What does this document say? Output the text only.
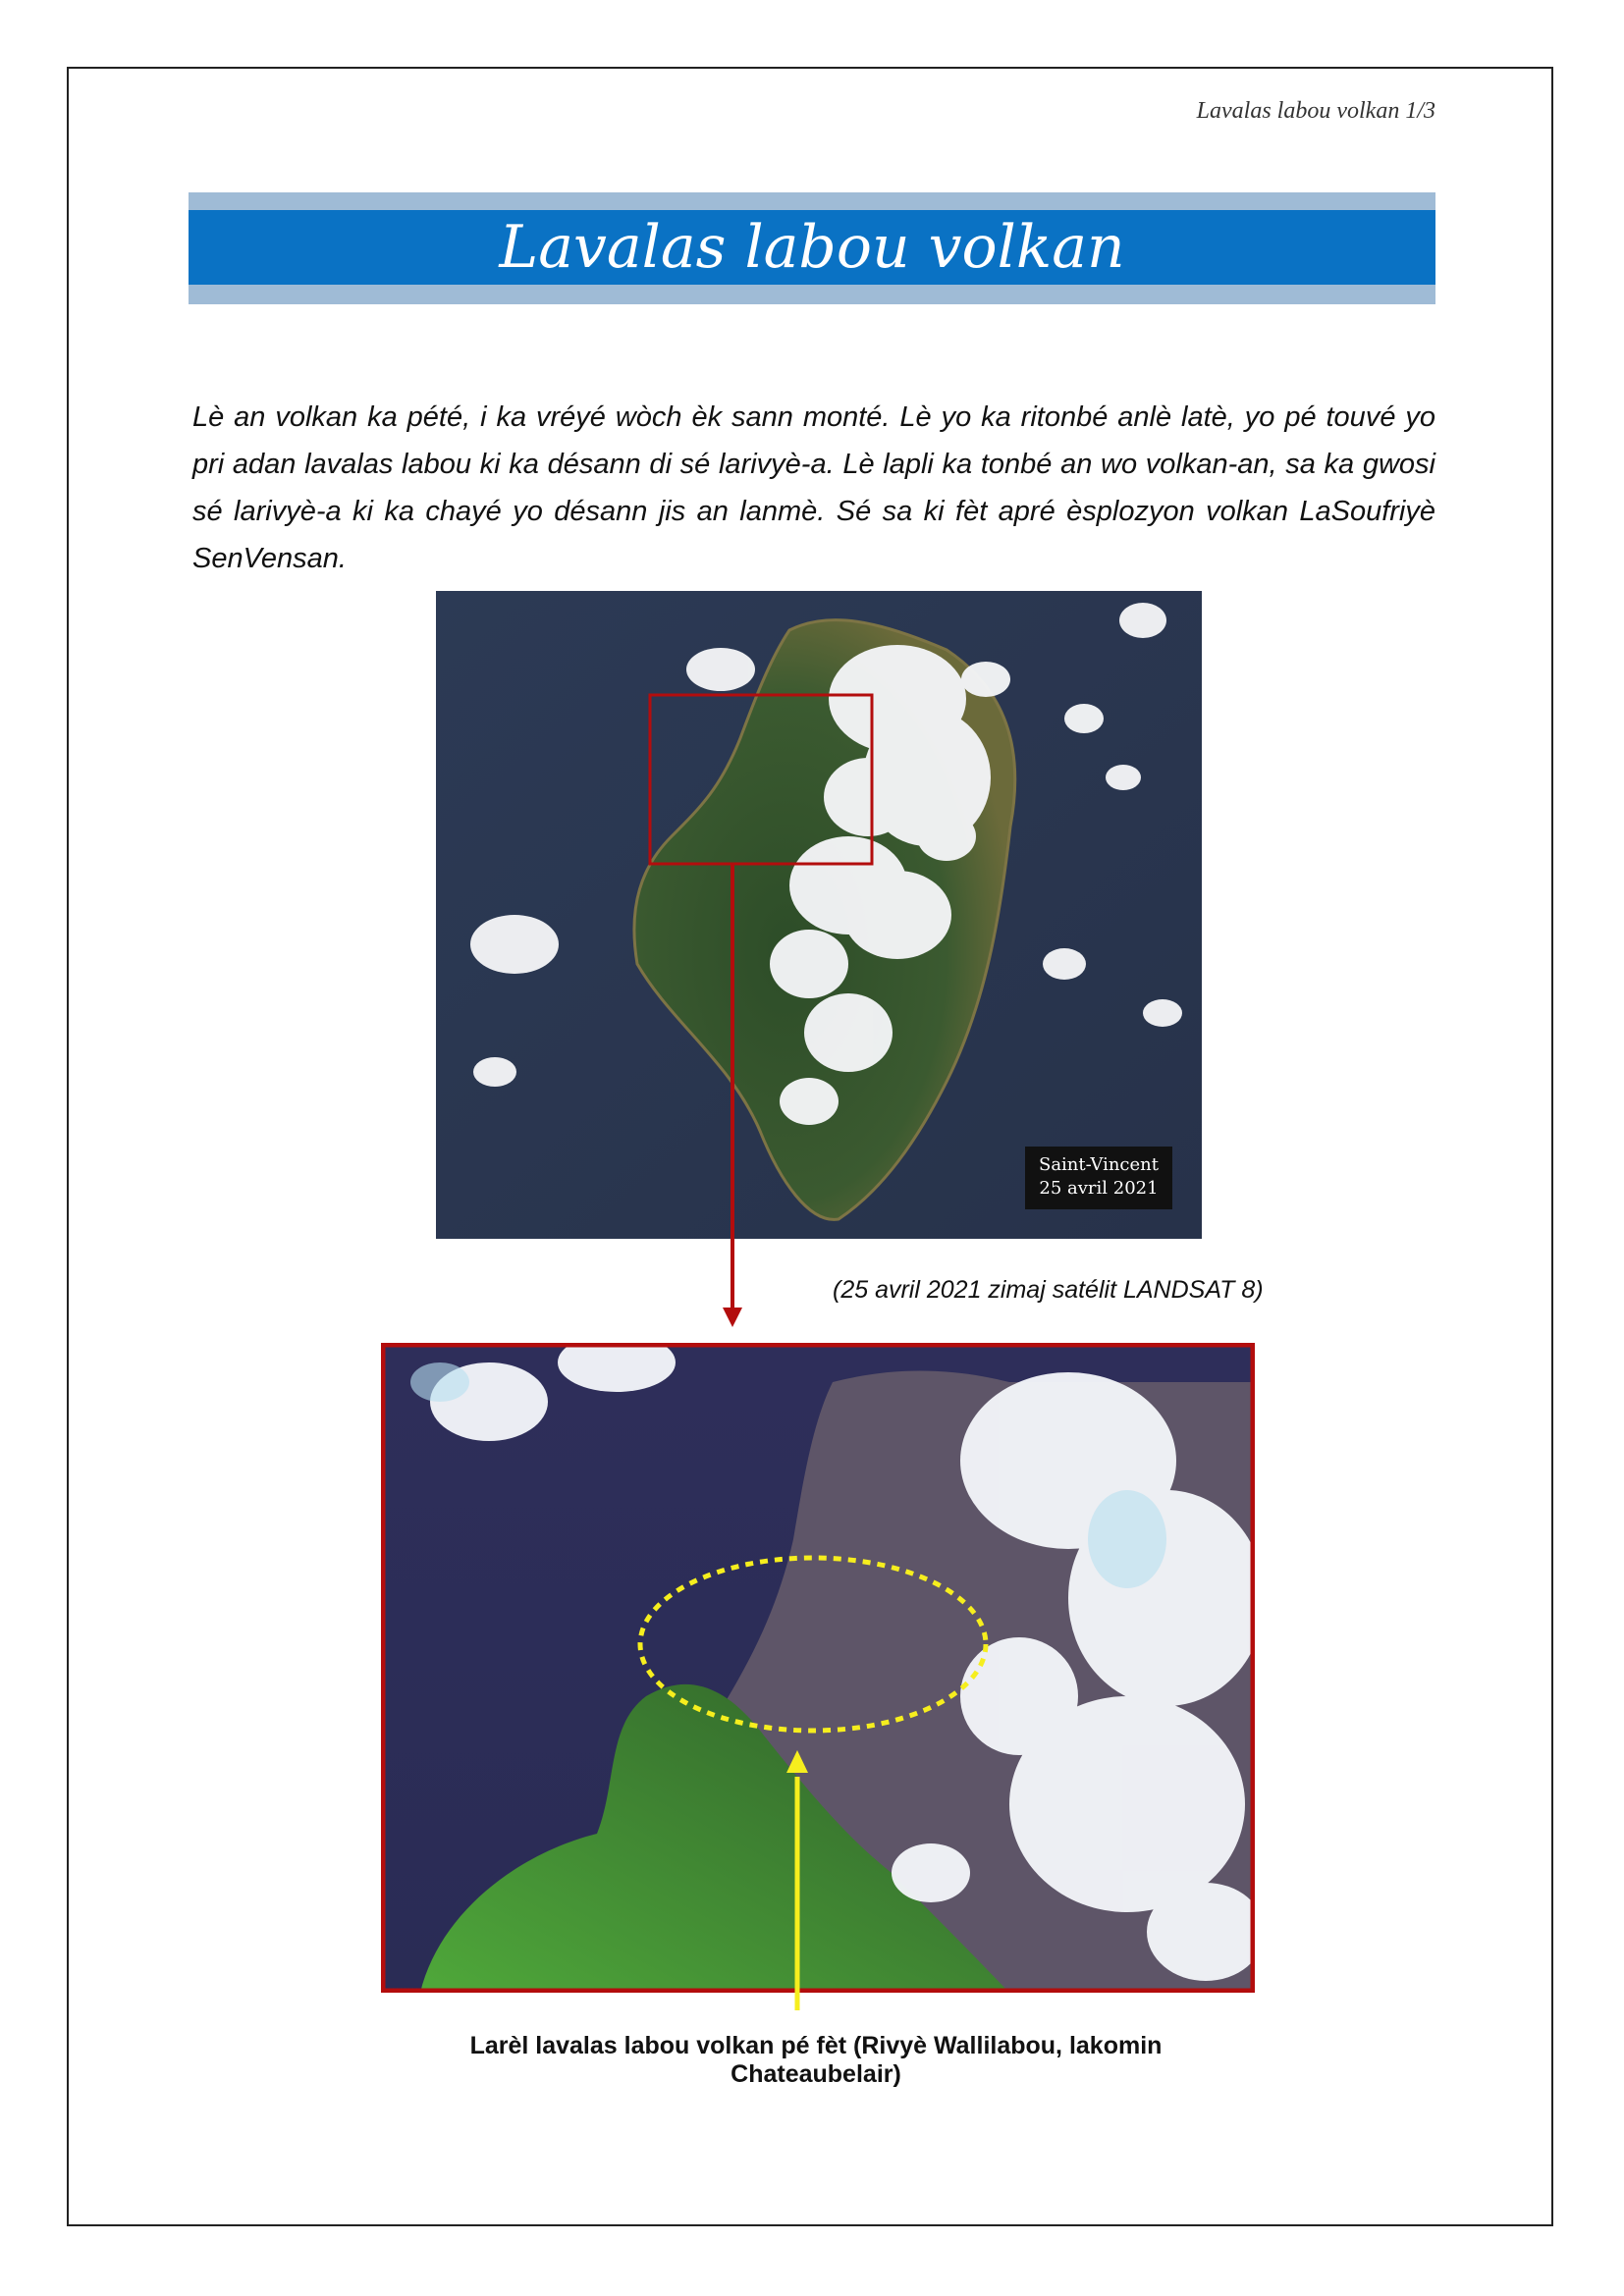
Lavalas labou volkan 1/3
Lavalas labou volkan

Lè an volkan ka pété, i ka vréyé wòch èk sann monté. Lè yo ka ritonbé anlè latè, yo pé touvé yo pri adan lavalas labou ki ka désann di sé larivyè-a. Lè lapli ka tonbé an wo volkan-an, sa ka gwosi sé larivyè-a ki ka chayé yo désann jis an lanmè. Sé sa ki fèt apré èsplozyon volkan LaSoufriyè SenVensan.

Saint-Vincent
25 avril 2021
(25 avril 2021 zimaj satélit LANDSAT 8)
Larèl lavalas labou volkan pé fèt (Rivyè Wallilabou, lakomin Chateaubelair)
